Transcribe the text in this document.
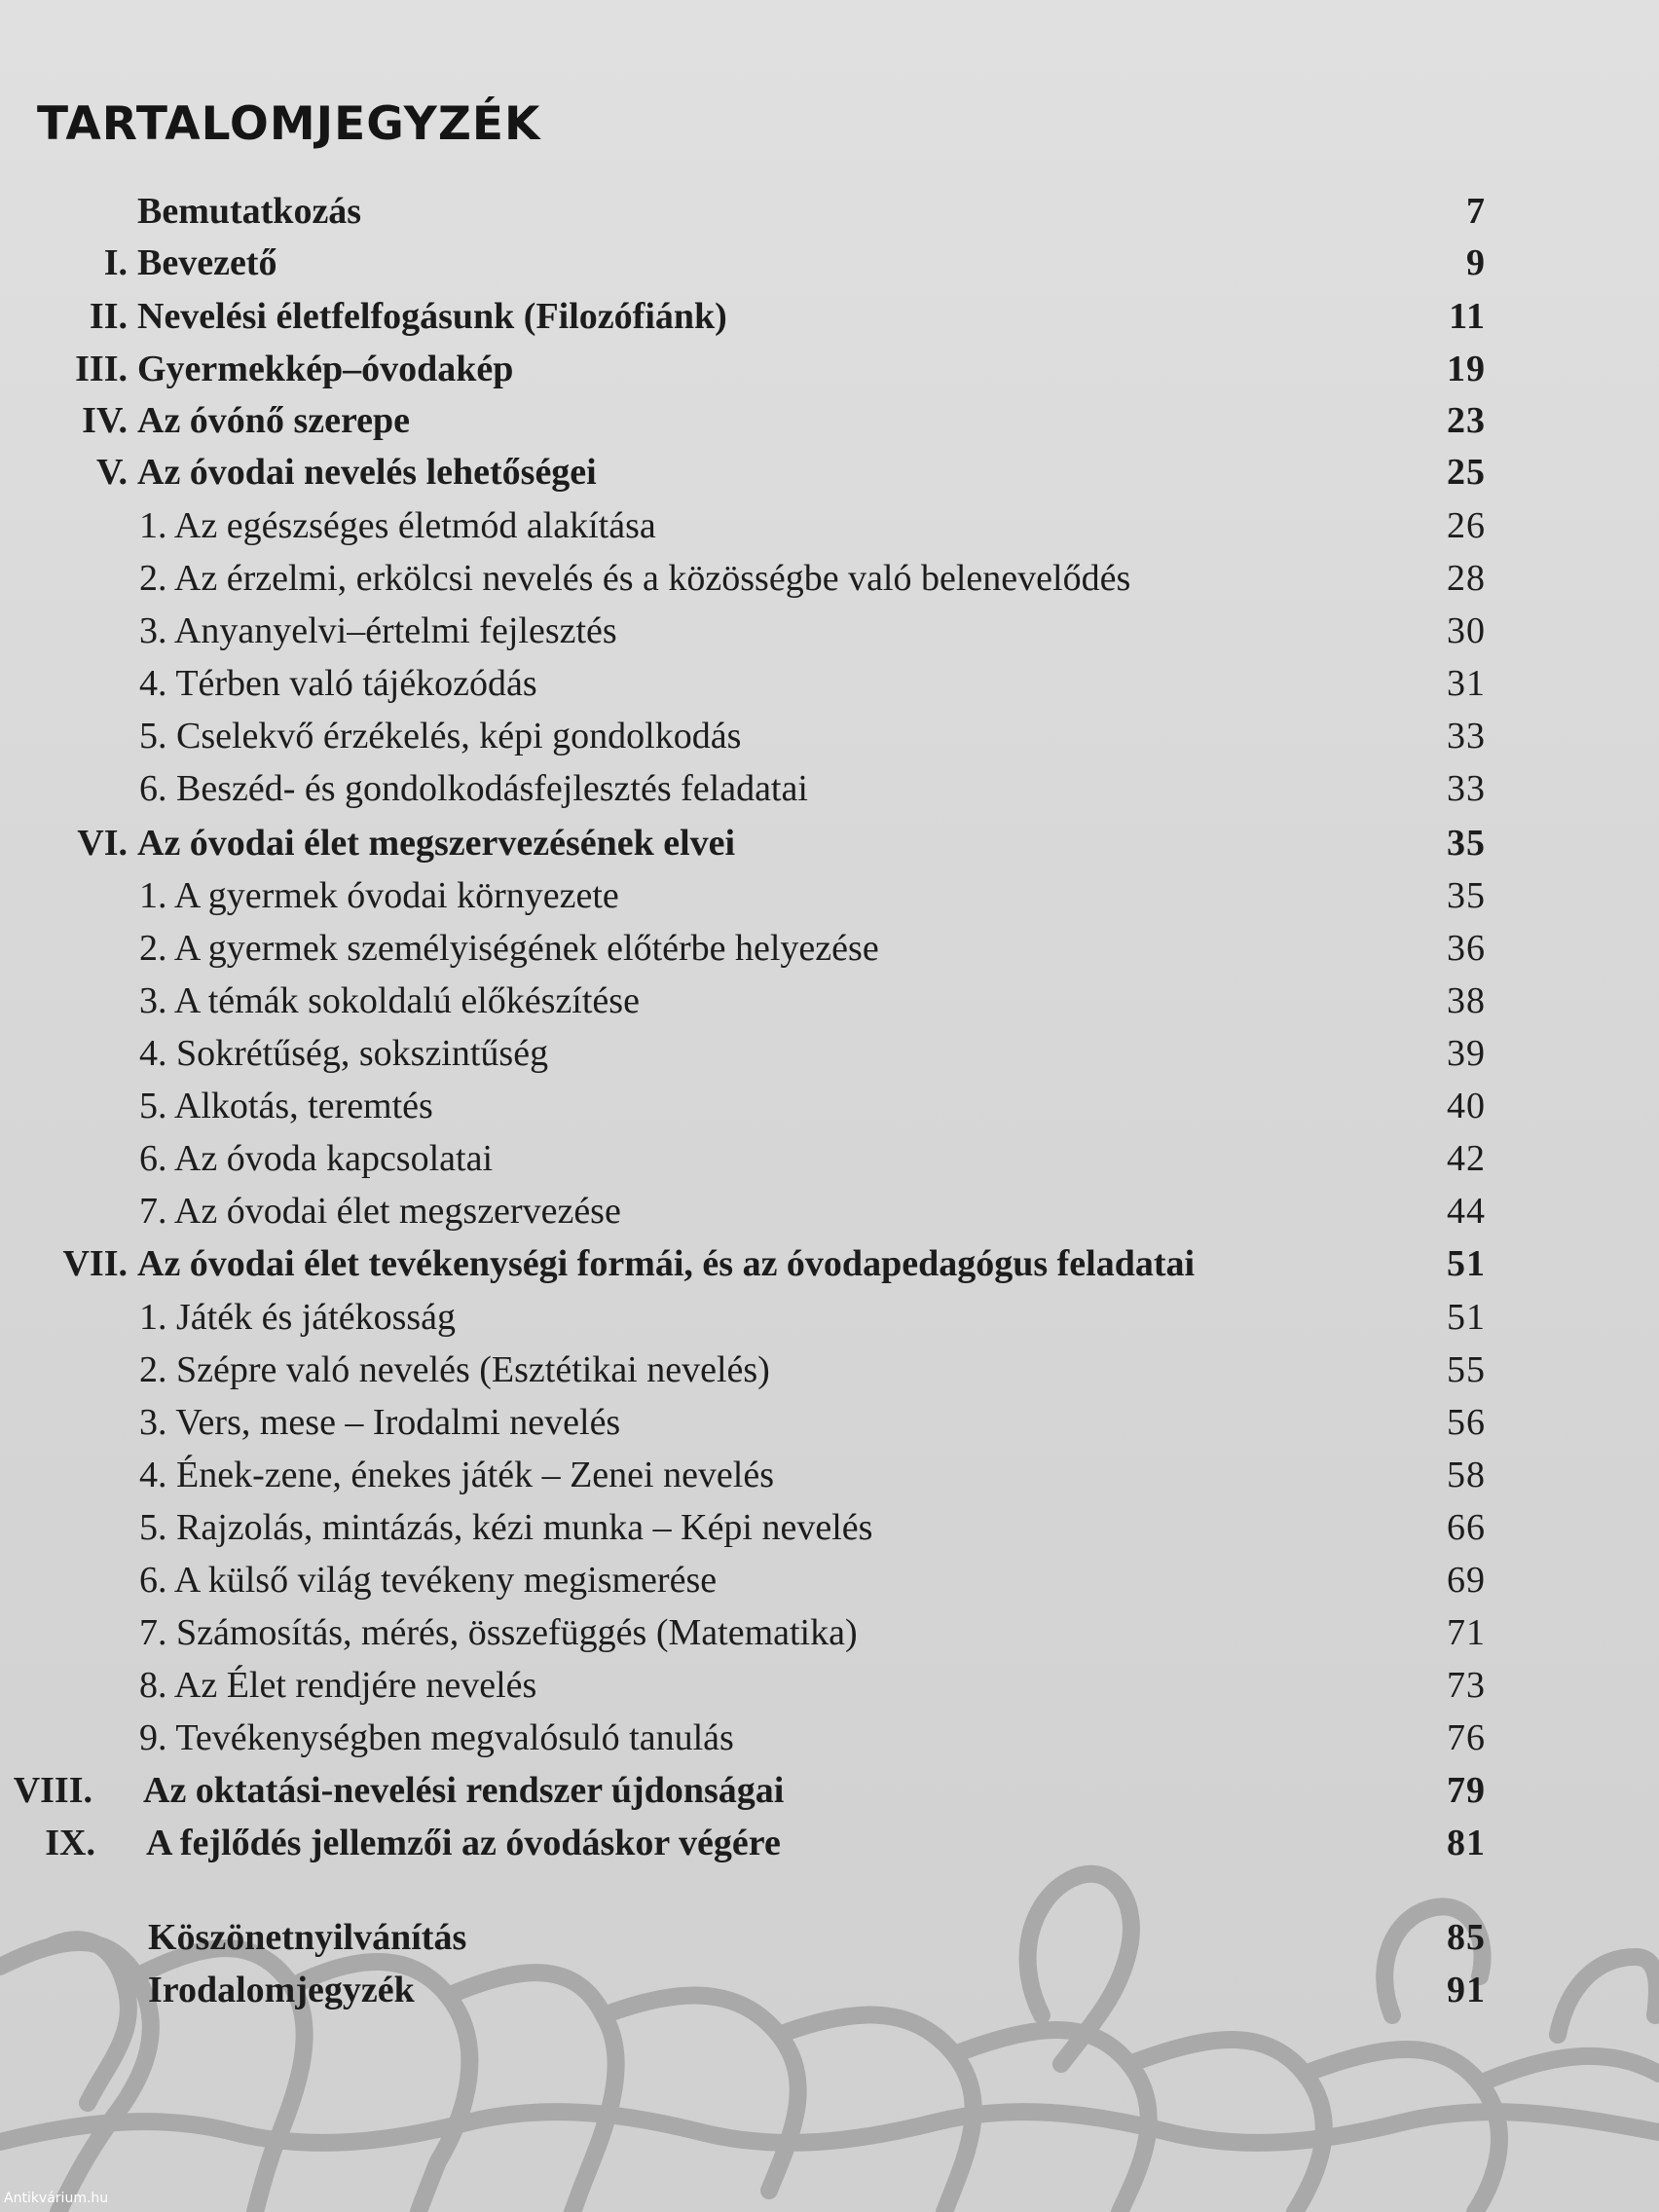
TARTALOMJEGYZÉK
Bemutatkozás	7
I. Bevezető	9
II. Nevelési életfelfogásunk (Filozófiánk)	11
III. Gyermekkép–óvodakép	19
IV. Az óvónő szerepe	23
V. Az óvodai nevelés lehetőségei	25
1. Az egészséges életmód alakítása	26
2. Az érzelmi, erkölcsi nevelés és a közösségbe való belenevelődés	28
3. Anyanyelvi–értelmi fejlesztés	30
4. Térben való tájékozódás	31
5. Cselekvő érzékelés, képi gondolkodás	33
6. Beszéd- és gondolkodásfejlesztés feladatai	33
VI. Az óvodai élet megszervezésének elvei	35
1. A gyermek óvodai környezete	35
2. A gyermek személyiségének előtérbe helyezése	36
3. A témák sokoldalú előkészítése	38
4. Sokrétűség, sokszintűség	39
5. Alkotás, teremtés	40
6. Az óvoda kapcsolatai	42
7. Az óvodai élet megszervezése	44
VII. Az óvodai élet tevékenységi formái, és az óvodapedagógus feladatai	51
1. Játék és játékosság	51
2. Szépre való nevelés (Esztétikai nevelés)	55
3. Vers, mese – Irodalmi nevelés	56
4. Ének-zene, énekes játék – Zenei nevelés	58
5. Rajzolás, mintázás, kézi munka – Képi nevelés	66
6. A külső világ tevékeny megismerése	69
7. Számosítás, mérés, összefüggés (Matematika)	71
8. Az Élet rendjére nevelés	73
9. Tevékenységben megvalósuló tanulás	76
VIII. Az oktatási-nevelési rendszer újdonságai	79
IX. A fejlődés jellemzői az óvodáskor végére	81
Köszönetnyilvánítás	85
Irodalomjegyzék	91
Antikvárium.hu
